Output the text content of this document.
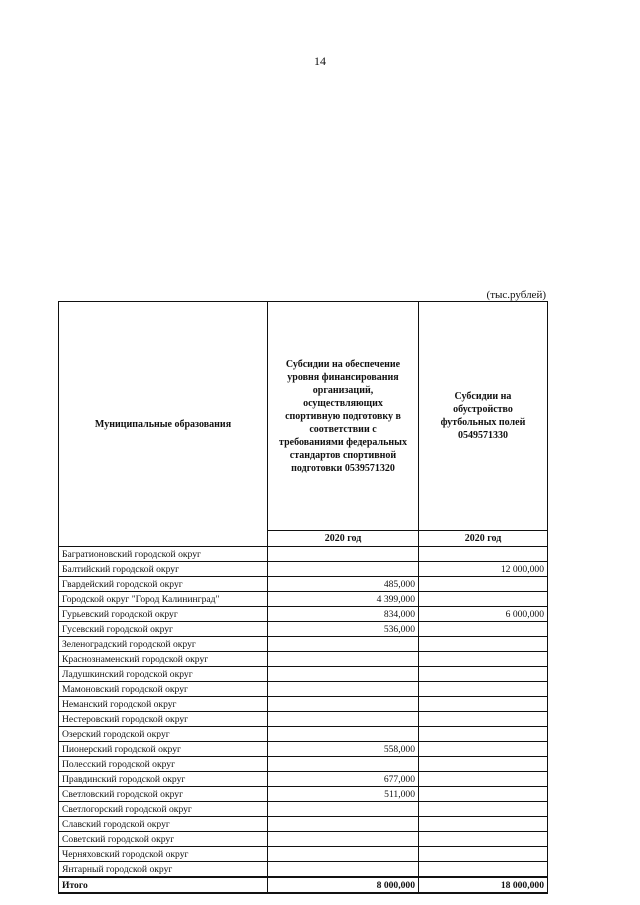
14
(тыс.рублей)
Муниципальные образования	Субсидии на обеспечение уровня финансирования организаций, осуществляющих спортивную подготовку в соответствии с требованиями федеральных стандартов спортивной подготовки 0539571320	Субсидии на обустройство футбольных полей 0549571330
	2020 год	2020 год
Багратионовский городской округ		
Балтийский городской округ		12 000,000
Гвардейский городской округ	485,000	
Городской округ "Город Калининград"	4 399,000	
Гурьевский городской округ	834,000	6 000,000
Гусевский городской округ	536,000	
Зеленоградский городской округ		
Краснознаменский городской округ		
Ладушкинский городской округ		
Мамоновский городской округ		
Неманский городской округ		
Нестеровский городской округ		
Озерский городской округ		
Пионерский городской округ	558,000	
Полесский городской округ		
Правдинский городской округ	677,000	
Светловский городской округ	511,000	
Светлогорский городской округ		
Славский городской округ		
Советский городской округ		
Черняховский городской округ		
Янтарный городской округ		
Итого	8 000,000	18 000,000
